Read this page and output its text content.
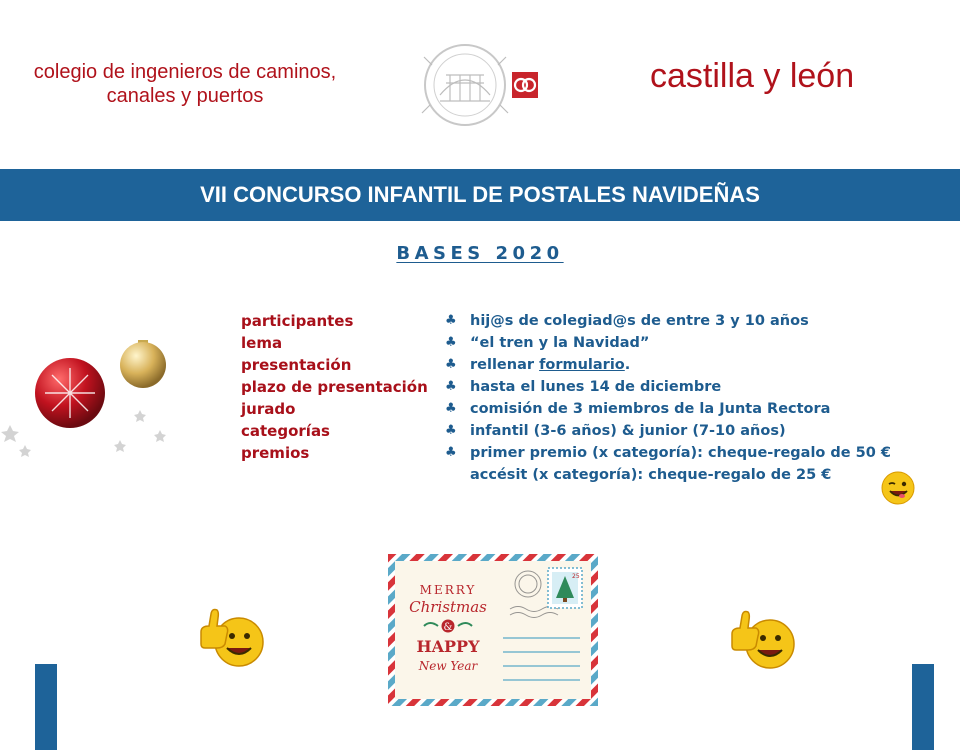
colegio de ingenieros de caminos,
canales y puertos
castilla y león
VII CONCURSO INFANTIL DE POSTALES NAVIDEÑAS
BASES 2020
participantes	♣ hij@s de colegiad@s de entre 3 y 10 años
lema	♣ “el tren y la Navidad”
presentación	♣ rellenar formulario.
plazo de presentación ♣ hasta el lunes 14 de diciembre
jurado	♣ comisión de 3 miembros de la Junta Rectora
categorías	♣ infantil (3-6 años) & junior (7-10 años)
premios	♣ primer premio (x categoría): cheque-regalo de 50 €
accésit (x categoría): cheque-regalo de 25 €
MERRY
Christmas
&
HAPPY
New Year
25
